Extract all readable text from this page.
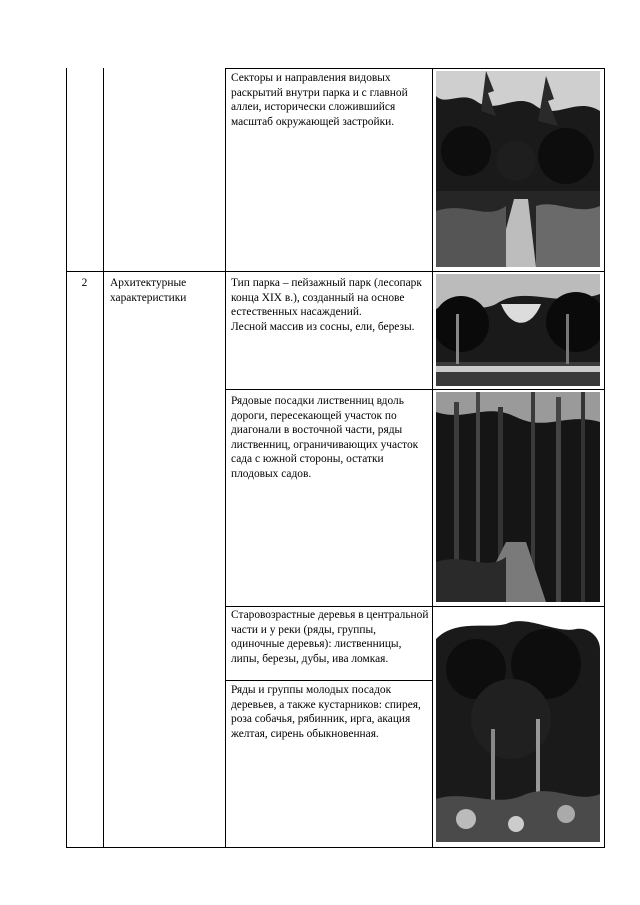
Секторы и направления видовых раскрытий внутри парка и с главной аллеи, исторически сложившийся масштаб окружающей застройки.
2	Архитектурные характеристики
Тип парка – пейзажный парк (лесопарк конца XIX в.), созданный на основе естественных насаждений.
Лесной массив из сосны, ели, березы.
Рядовые посадки лиственниц вдоль дороги, пересекающей участок по диагонали в восточной части, ряды лиственниц, ограничивающих участок сада с южной стороны, остатки плодовых садов.
Старовозрастные деревья в центральной части и у реки (ряды, группы, одиночные деревья): лиственницы, липы, березы, дубы, ива ломкая.
Ряды и группы молодых посадок деревьев, а также кустарников: спирея, роза собачья, рябинник, ирга, акация желтая, сирень обыкновенная.
